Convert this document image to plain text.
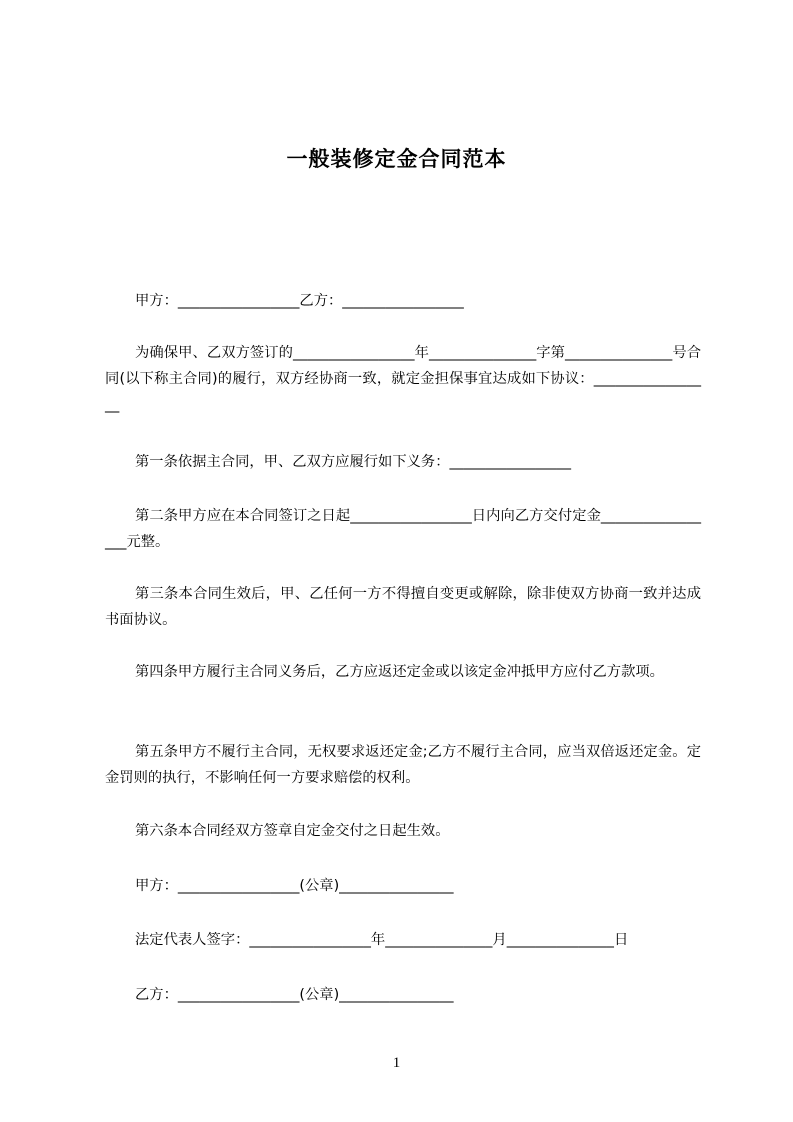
一般装修定金合同范本

甲方：_________________乙方：_________________

为确保甲、乙双方签订的_________________年_______________字第_______________号合同(以下称主合同)的履行，双方经协商一致，就定金担保事宜达成如下协议：_________________

第一条依据主合同，甲、乙双方应履行如下义务：_________________

第二条甲方应在本合同签订之日起_________________日内向乙方交付定金_________________元整。

第三条本合同生效后，甲、乙任何一方不得擅自变更或解除，除非使双方协商一致并达成书面协议。

第四条甲方履行主合同义务后，乙方应返还定金或以该定金冲抵甲方应付乙方款项。

第五条甲方不履行主合同，无权要求返还定金;乙方不履行主合同，应当双倍返还定金。定金罚则的执行，不影响任何一方要求赔偿的权利。

第六条本合同经双方签章自定金交付之日起生效。

甲方：_________________(公章)________________

法定代表人签字：_________________年_______________月_______________日

乙方：_________________(公章)________________

1
